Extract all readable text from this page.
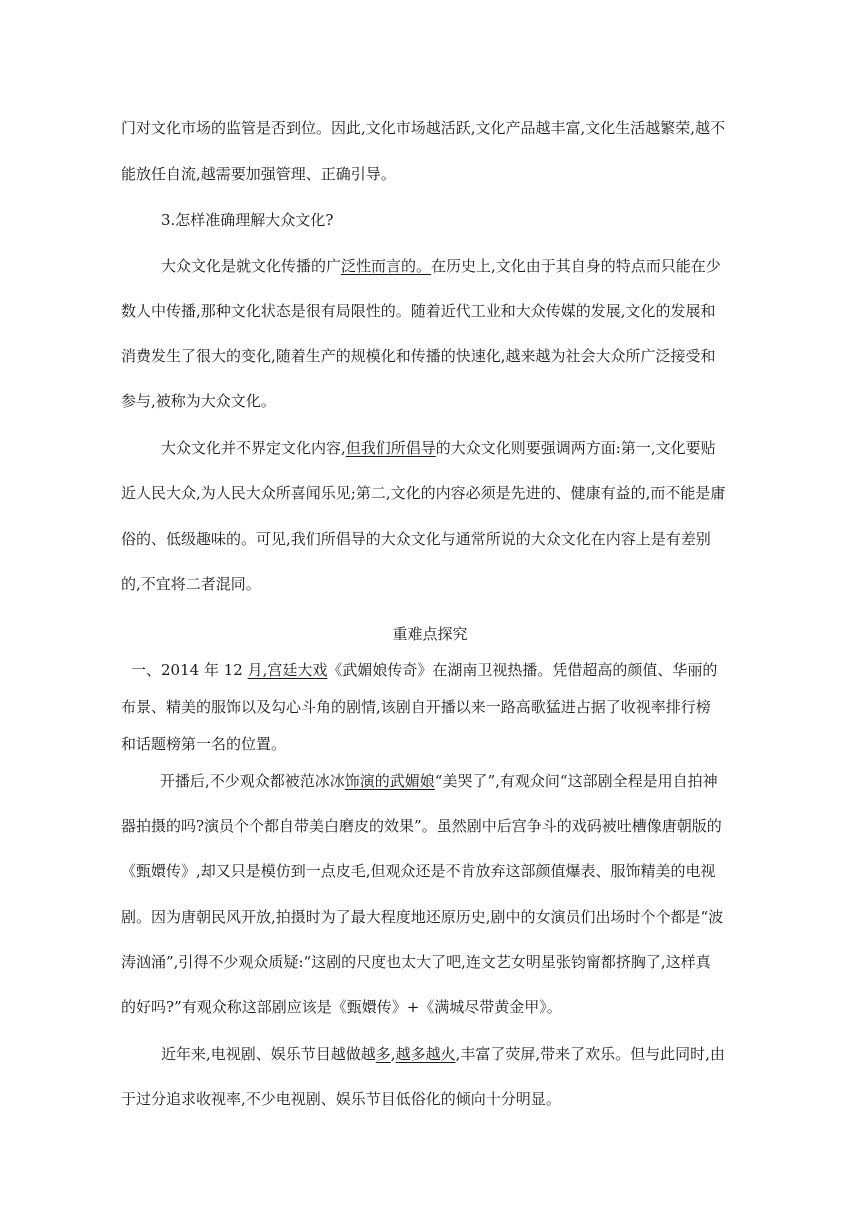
门对文化市场的监管是否到位。因此,文化市场越活跃,文化产品越丰富,文化生活越繁荣,越不
能放任自流,越需要加强管理、正确引导。
3.怎样准确理解大众文化?
大众文化是就文化传播的广泛性而言的。在历史上,文化由于其自身的特点而只能在少
数人中传播,那种文化状态是很有局限性的。随着近代工业和大众传媒的发展,文化的发展和
消费发生了很大的变化,随着生产的规模化和传播的快速化,越来越为社会大众所广泛接受和
参与,被称为大众文化。
大众文化并不界定文化内容,但我们所倡导的大众文化则要强调两方面:第一,文化要贴
近人民大众,为人民大众所喜闻乐见;第二,文化的内容必须是先进的、健康有益的,而不能是庸
俗的、低级趣味的。可见,我们所倡导的大众文化与通常所说的大众文化在内容上是有差别
的,不宜将二者混同。
重难点探究
一、2014 年 12 月,宫廷大戏《武媚娘传奇》在湖南卫视热播。凭借超高的颜值、华丽的
布景、精美的服饰以及勾心斗角的剧情,该剧自开播以来一路高歌猛进占据了收视率排行榜
和话题榜第一名的位置。
开播后,不少观众都被范冰冰饰演的武媚娘“美哭了”,有观众问“这部剧全程是用自拍神
器拍摄的吗?演员个个都自带美白磨皮的效果”。虽然剧中后宫争斗的戏码被吐槽像唐朝版的
《甄嬛传》,却又只是模仿到一点皮毛,但观众还是不肯放弃这部颜值爆表、服饰精美的电视
剧。因为唐朝民风开放,拍摄时为了最大程度地还原历史,剧中的女演员们出场时个个都是“波
涛汹涌”,引得不少观众质疑:“这剧的尺度也太大了吧,连文艺女明星张钧甯都挤胸了,这样真
的好吗?”有观众称这部剧应该是《甄嬛传》+《满城尽带黄金甲》。
近年来,电视剧、娱乐节目越做越多,越多越火,丰富了荧屏,带来了欢乐。但与此同时,由
于过分追求收视率,不少电视剧、娱乐节目低俗化的倾向十分明显。
